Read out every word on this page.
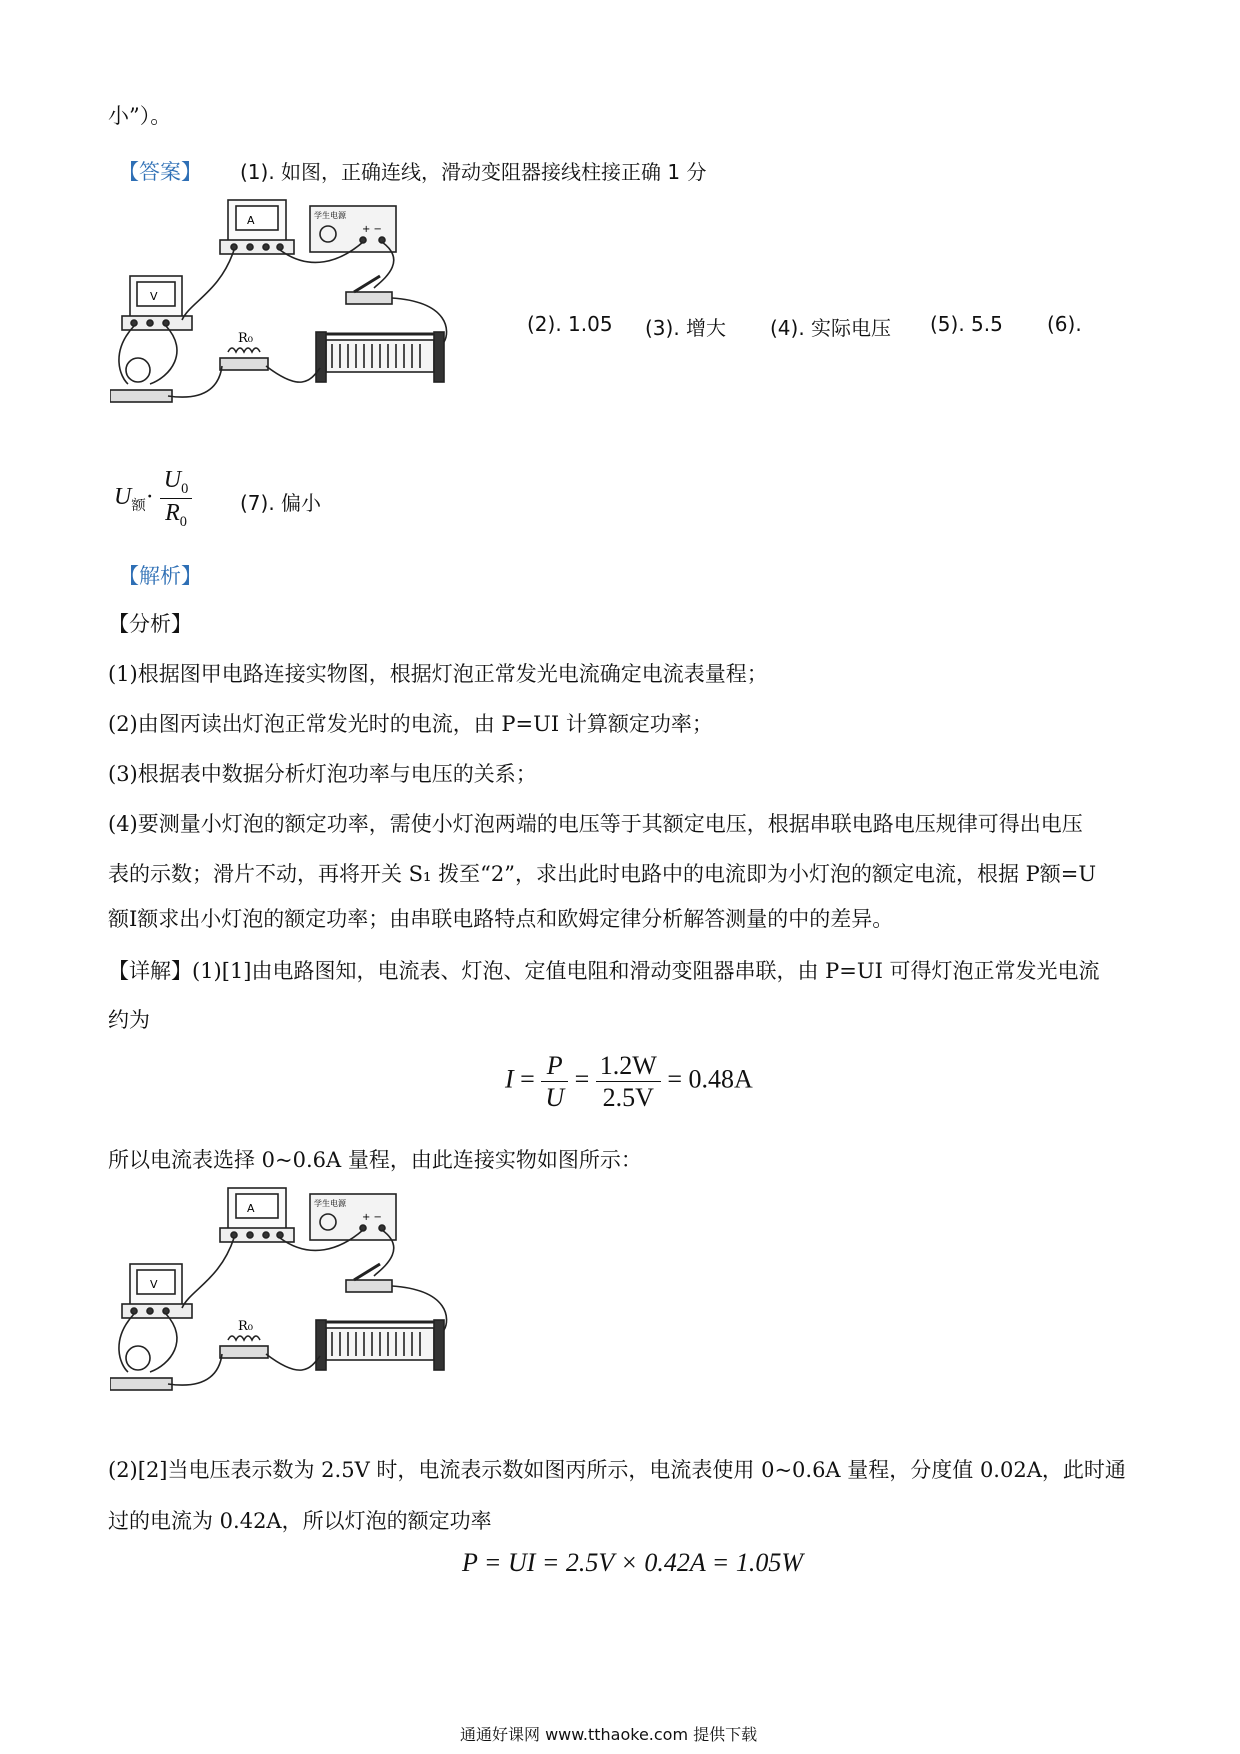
小”）。
【答案】 (1). 如图，正确连线，滑动变阻器接线柱接正确 1 分
A
V
学生电源
+ −
R₀
(2). 1.05 (3). 增大 (4). 实际电压 (5). 5.5 (6).
$U_额\cdot \frac{U_0}{R_0} (7)$. 偏小
【解析】
【分析】
(1)根据图甲电路连接实物图，根据灯泡正常发光电流确定电流表量程；
(2)由图丙读出灯泡正常发光时的电流，由 P=UI 计算额定功率；
(3)根据表中数据分析灯泡功率与电压的关系；
(4)要测量小灯泡的额定功率，需使小灯泡两端的电压等于其额定电压，根据串联电路电压规律可得出电压
表的示数；滑片不动，再将开关 S₁ 拨至“2”，求出此时电路中的电流即为小灯泡的额定电流，根据 P额=U
额I额求出小灯泡的额定功率；由串联电路特点和欧姆定律分析解答测量的中的差异。
【详解】(1)[1]由电路图知，电流表、灯泡、定值电阻和滑动变阻器串联，由 P=UI 可得灯泡正常发光电流
约为
$I = \frac{P}{U} = \frac{1.2W}{2.5V} = 0.48A$
所以电流表选择 0~0.6A 量程，由此连接实物如图所示：
A
V
学生电源
+ −
R₀
(2)[2]当电压表示数为 2.5V 时，电流表示数如图丙所示，电流表使用 0~0.6A 量程，分度值 0.02A，此时通
过的电流为 0.42A，所以灯泡的额定功率
P = UI = 2.5V × 0.42A = 1.05W
通通好课网 www.tthaoke.com 提供下载
